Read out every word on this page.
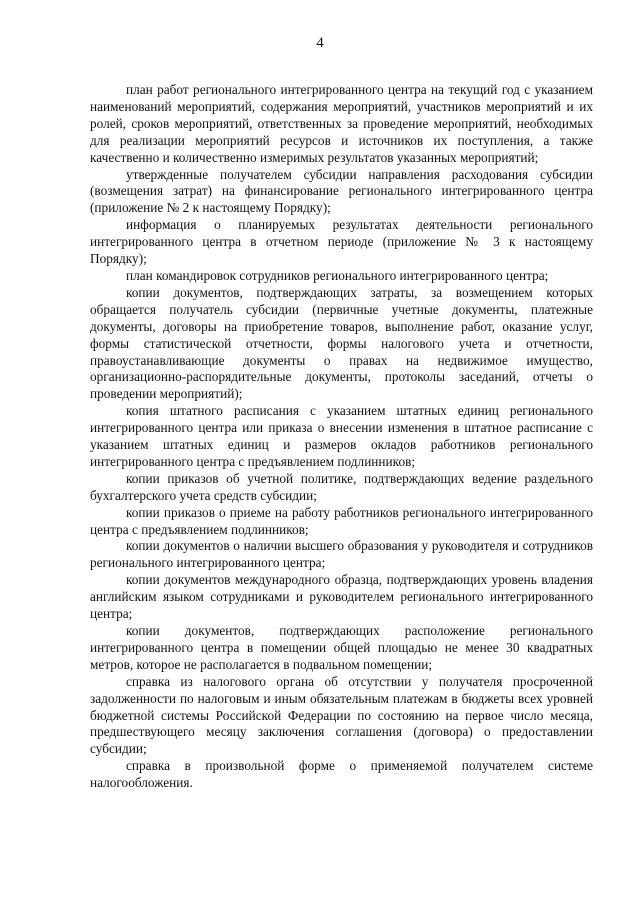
4

план работ регионального интегрированного центра на текущий год с указанием наименований мероприятий, содержания мероприятий, участников мероприятий и их ролей, сроков мероприятий, ответственных за проведение мероприятий, необходимых для реализации мероприятий ресурсов и источников их поступления, а также качественно и количественно измеримых результатов указанных мероприятий;

утвержденные получателем субсидии направления расходования субсидии (возмещения затрат) на финансирование регионального интегрированного центра (приложение № 2 к настоящему Порядку);

информация о планируемых результатах деятельности регионального интегрированного центра в отчетном периоде (приложение № 3 к настоящему Порядку);

план командировок сотрудников регионального интегрированного центра;

копии документов, подтверждающих затраты, за возмещением которых обращается получатель субсидии (первичные учетные документы, платежные документы, договоры на приобретение товаров, выполнение работ, оказание услуг, формы статистической отчетности, формы налогового учета и отчетности, правоустанавливающие документы о правах на недвижимое имущество, организационно-распорядительные документы, протоколы заседаний, отчеты о проведении мероприятий);

копия штатного расписания с указанием штатных единиц регионального интегрированного центра или приказа о внесении изменения в штатное расписание с указанием штатных единиц и размеров окладов работников регионального интегрированного центра с предъявлением подлинников;

копии приказов об учетной политике, подтверждающих ведение раздельного бухгалтерского учета средств субсидии;

копии приказов о приеме на работу работников регионального интегрированного центра с предъявлением подлинников;

копии документов о наличии высшего образования у руководителя и сотрудников регионального интегрированного центра;

копии документов международного образца, подтверждающих уровень владения английским языком сотрудниками и руководителем регионального интегрированного центра;

копии документов, подтверждающих расположение регионального интегрированного центра в помещении общей площадью не менее 30 квадратных метров, которое не располагается в подвальном помещении;

справка из налогового органа об отсутствии у получателя просроченной задолженности по налоговым и иным обязательным платежам в бюджеты всех уровней бюджетной системы Российской Федерации по состоянию на первое число месяца, предшествующего месяцу заключения соглашения (договора) о предоставлении субсидии;

справка в произвольной форме о применяемой получателем системе налогообложения.
